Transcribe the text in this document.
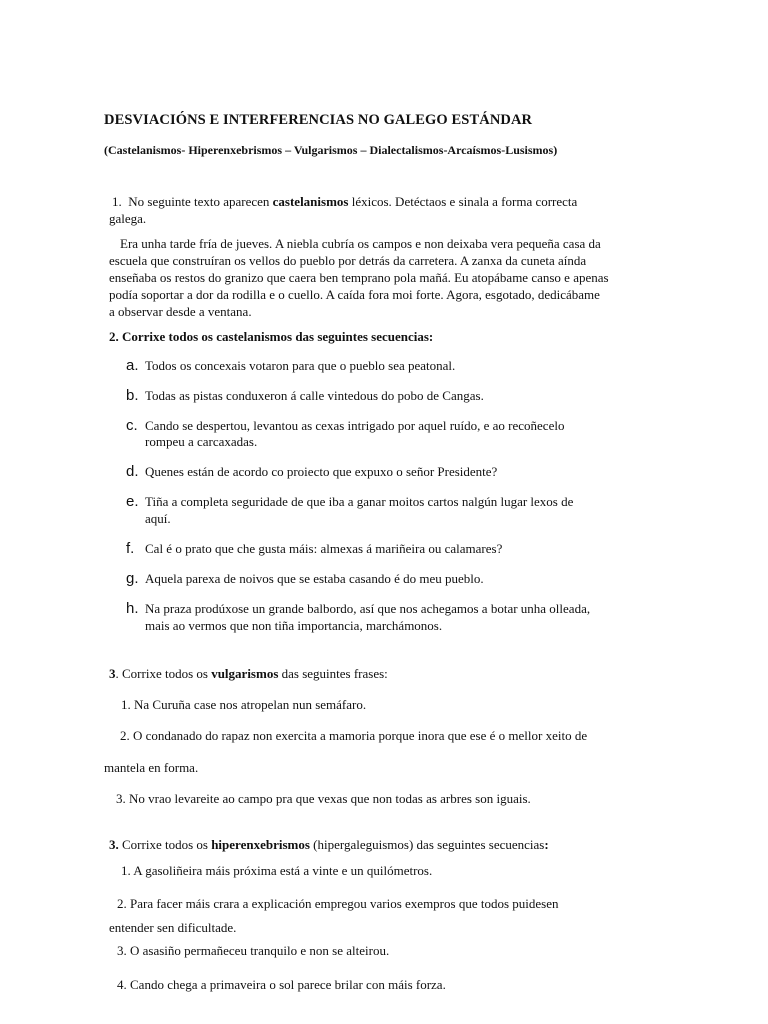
DESVIACIÓNS E INTERFERENCIAS NO GALEGO ESTÁNDAR
(Castelanismos- Hiperenxebrismos – Vulgarismos – Dialectalismos-Arcaísmos-Lusismos)
1. No seguinte texto aparecen castelanismos léxicos. Detéctaos e sinala a forma correcta
galega.
Era unha tarde fría de jueves. A niebla cubría os campos e non deixaba vera pequeña casa da
escuela que construíran os vellos do pueblo por detrás da carretera. A zanxa da cuneta aínda
enseñaba os restos do granizo que caera ben temprano pola mañá. Eu atopábame canso e apenas
podía soportar a dor da rodilla e o cuello. A caída fora moi forte. Agora, esgotado, dedicábame
a observar desde a ventana.
2. Corrixe todos os castelanismos das seguintes secuencias:
a. Todos os concexais votaron para que o pueblo sea peatonal.
b. Todas as pistas conduxeron á calle vintedous do pobo de Cangas.
c. Cando se despertou, levantou as cexas intrigado por aquel ruído, e ao recoñecelo
rompeu a carcaxadas.
d. Quenes están de acordo co proiecto que expuxo o señor Presidente?
e. Tiña a completa seguridade de que iba a ganar moitos cartos nalgún lugar lexos de
aquí.
f. Cal é o prato que che gusta máis: almexas á mariñeira ou calamares?
g. Aquela parexa de noivos que se estaba casando é do meu pueblo.
h. Na praza prodúxose un grande balbordo, así que nos achegamos a botar unha olleada,
mais ao vermos que non tiña importancia, marchámonos.
3. Corrixe todos os vulgarismos das seguintes frases:
1. Na Curuña case nos atropelan nun semáfaro.
2. O condanado do rapaz non exercita a mamoria porque inora que ese é o mellor xeito de
mantela en forma.
3. No vrao levareite ao campo pra que vexas que non todas as arbres son iguais.
3. Corrixe todos os hiperenxebrismos (hipergaleguismos) das seguintes secuencias:
1. A gasoliñeira máis próxima está a vinte e un quilómetros.
2. Para facer máis crara a explicación empregou varios exempros que todos puidesen
entender sen dificultade.
3. O asasiño permañeceu tranquilo e non se alteirou.
4. Cando chega a primaveira o sol parece brilar con máis forza.
